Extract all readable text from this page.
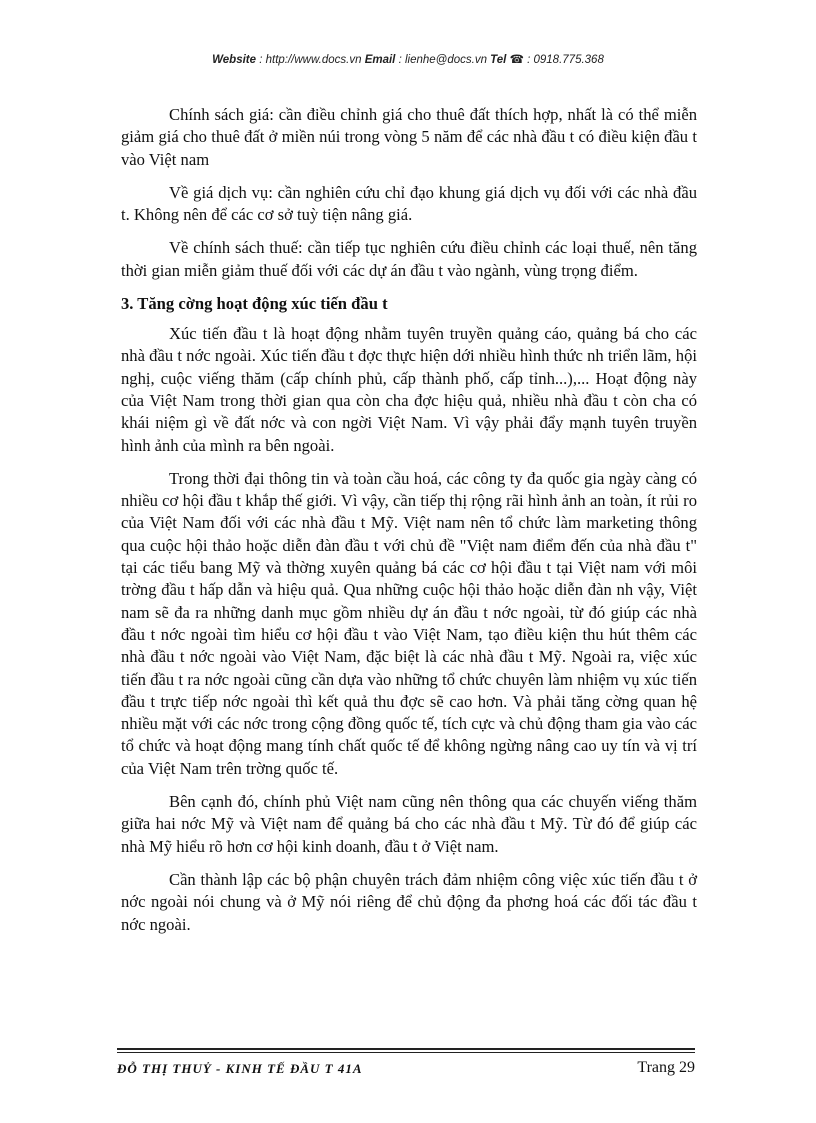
Website : http://www.docs.vn Email : lienhe@docs.vn Tel ☎ : 0918.775.368

Chính sách giá: cần điều chỉnh giá cho thuê đất thích hợp, nhất là có thể miễn giảm giá cho thuê đất ở miền núi trong vòng 5 năm để các nhà đầu t có điều kiện đầu t vào Việt nam

Về giá dịch vụ: cần nghiên cứu chỉ đạo khung giá dịch vụ đối với các nhà đầu t. Không nên để các cơ sở tuỳ tiện nâng giá.

Về chính sách thuế: cần tiếp tục nghiên cứu điều chỉnh các loại thuế, nên tăng thời gian miễn giảm thuế đối với các dự án đầu t vào ngành, vùng trọng điểm.

3. Tăng cờng hoạt động xúc tiến đầu t

Xúc tiến đầu t là hoạt động nhằm tuyên truyền quảng cáo, quảng bá cho các nhà đầu t nớc ngoài. Xúc tiến đầu t đợc thực hiện dới nhiều hình thức nh triển lãm, hội nghị, cuộc viếng thăm (cấp chính phủ, cấp thành phố, cấp tỉnh...),... Hoạt động này của Việt Nam trong thời gian qua còn cha đợc hiệu quả, nhiều nhà đầu t còn cha có khái niệm gì về đất nớc và con ngời Việt Nam. Vì vậy phải đẩy mạnh tuyên truyền hình ảnh của mình ra bên ngoài.

Trong thời đại thông tin và toàn cầu hoá, các công ty đa quốc gia ngày càng có nhiều cơ hội đầu t khắp thế giới. Vì vậy, cần tiếp thị rộng rãi hình ảnh an toàn, ít rủi ro của Việt Nam đối với các nhà đầu t Mỹ. Việt nam nên tổ chức làm marketing thông qua cuộc hội thảo hoặc diễn đàn đầu t với chủ đề "Việt nam điểm đến của nhà đầu t" tại các tiểu bang Mỹ và thờng xuyên quảng bá các cơ hội đầu t tại Việt nam với môi trờng đầu t hấp dẫn và hiệu quả. Qua những cuộc hội thảo hoặc diễn đàn nh vậy, Việt nam sẽ đa ra những danh mục gồm nhiều dự án đầu t nớc ngoài, từ đó giúp các nhà đầu t nớc ngoài tìm hiểu cơ hội đầu t vào Việt Nam, tạo điều kiện thu hút thêm các nhà đầu t nớc ngoài vào Việt Nam, đặc biệt là các nhà đầu t Mỹ. Ngoài ra, việc xúc tiến đầu t ra nớc ngoài cũng cần dựa vào những tổ chức chuyên làm nhiệm vụ xúc tiến đầu t trực tiếp nớc ngoài thì kết quả thu đợc sẽ cao hơn. Và phải tăng cờng quan hệ nhiều mặt với các nớc trong cộng đồng quốc tế, tích cực và chủ động tham gia vào các tổ chức và hoạt động mang tính chất quốc tế để không ngừng nâng cao uy tín và vị trí của Việt Nam trên trờng quốc tế.

Bên cạnh đó, chính phủ Việt nam cũng nên thông qua các chuyến viếng thăm giữa hai nớc Mỹ và Việt nam để quảng bá cho các nhà đầu t Mỹ. Từ đó để giúp các nhà Mỹ hiểu rõ hơn cơ hội kinh doanh, đầu t ở Việt nam.

Cần thành lập các bộ phận chuyên trách đảm nhiệm công việc xúc tiến đầu t ở nớc ngoài nói chung và ở Mỹ nói riêng để chủ động đa phơng hoá các đối tác đầu t nớc ngoài.

ĐỖ THỊ THUỶ - KINH TẾ ĐẦU T 41A	Trang 29
